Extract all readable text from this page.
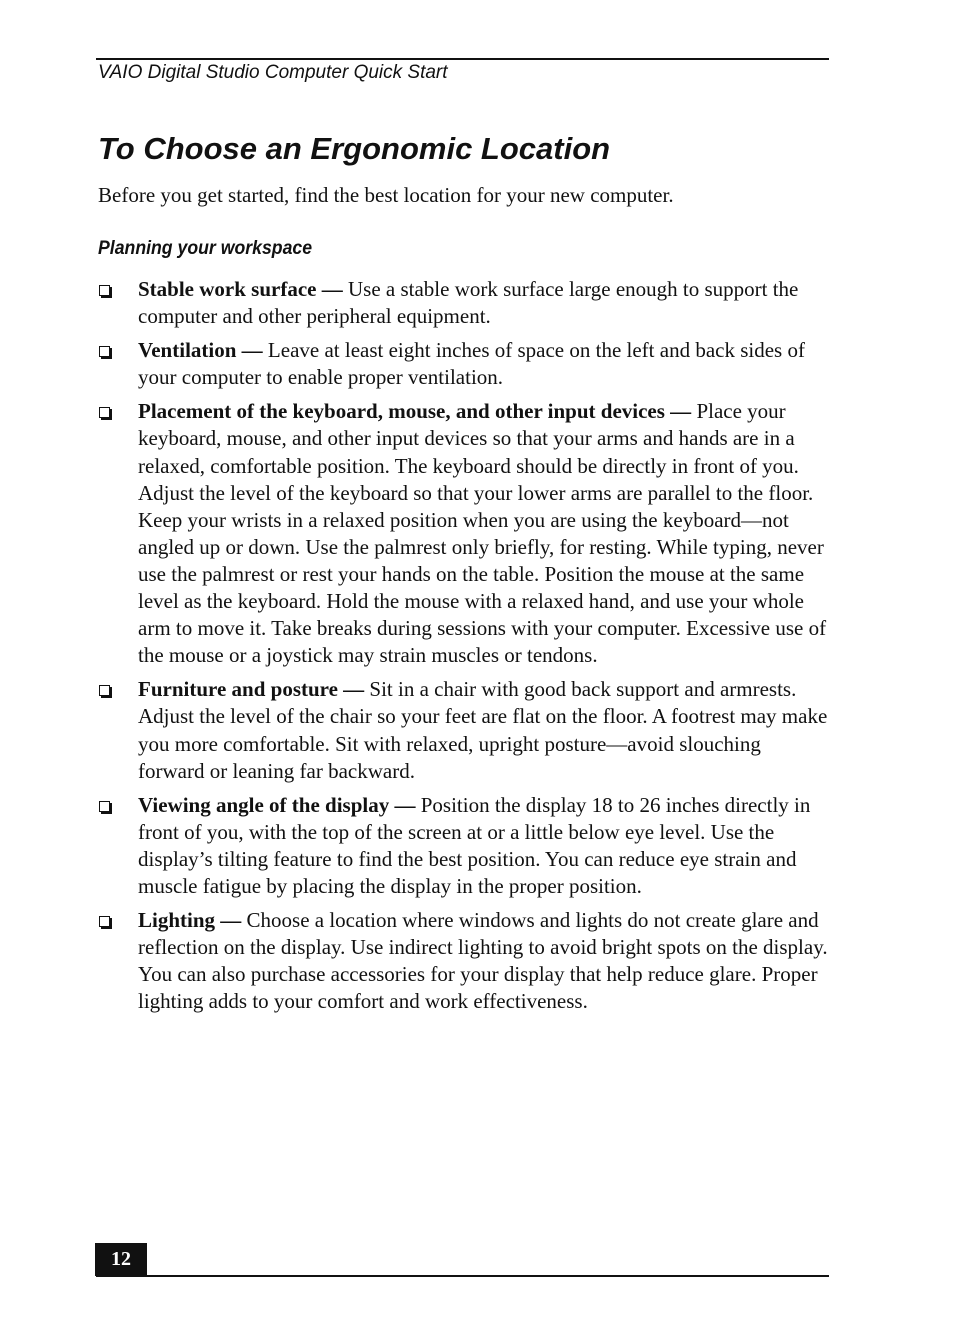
VAIO Digital Studio Computer Quick Start
To Choose an Ergonomic Location

Before you get started, find the best location for your new computer.

Planning your workspace
Stable work surface — Use a stable work surface large enough to support the computer and other peripheral equipment.
Ventilation — Leave at least eight inches of space on the left and back sides of your computer to enable proper ventilation.
Placement of the keyboard, mouse, and other input devices — Place your keyboard, mouse, and other input devices so that your arms and hands are in a relaxed, comfortable position. The keyboard should be directly in front of you. Adjust the level of the keyboard so that your lower arms are parallel to the floor. Keep your wrists in a relaxed position when you are using the keyboard—not angled up or down. Use the palmrest only briefly, for resting. While typing, never use the palmrest or rest your hands on the table. Position the mouse at the same level as the keyboard. Hold the mouse with a relaxed hand, and use your whole arm to move it. Take breaks during sessions with your computer. Excessive use of the mouse or a joystick may strain muscles or tendons.
Furniture and posture — Sit in a chair with good back support and armrests. Adjust the level of the chair so your feet are flat on the floor. A footrest may make you more comfortable. Sit with relaxed, upright posture—avoid slouching forward or leaning far backward.
Viewing angle of the display — Position the display 18 to 26 inches directly in front of you, with the top of the screen at or a little below eye level. Use the display’s tilting feature to find the best position. You can reduce eye strain and muscle fatigue by placing the display in the proper position.
Lighting — Choose a location where windows and lights do not create glare and reflection on the display. Use indirect lighting to avoid bright spots on the display. You can also purchase accessories for your display that help reduce glare. Proper lighting adds to your comfort and work effectiveness.
12
